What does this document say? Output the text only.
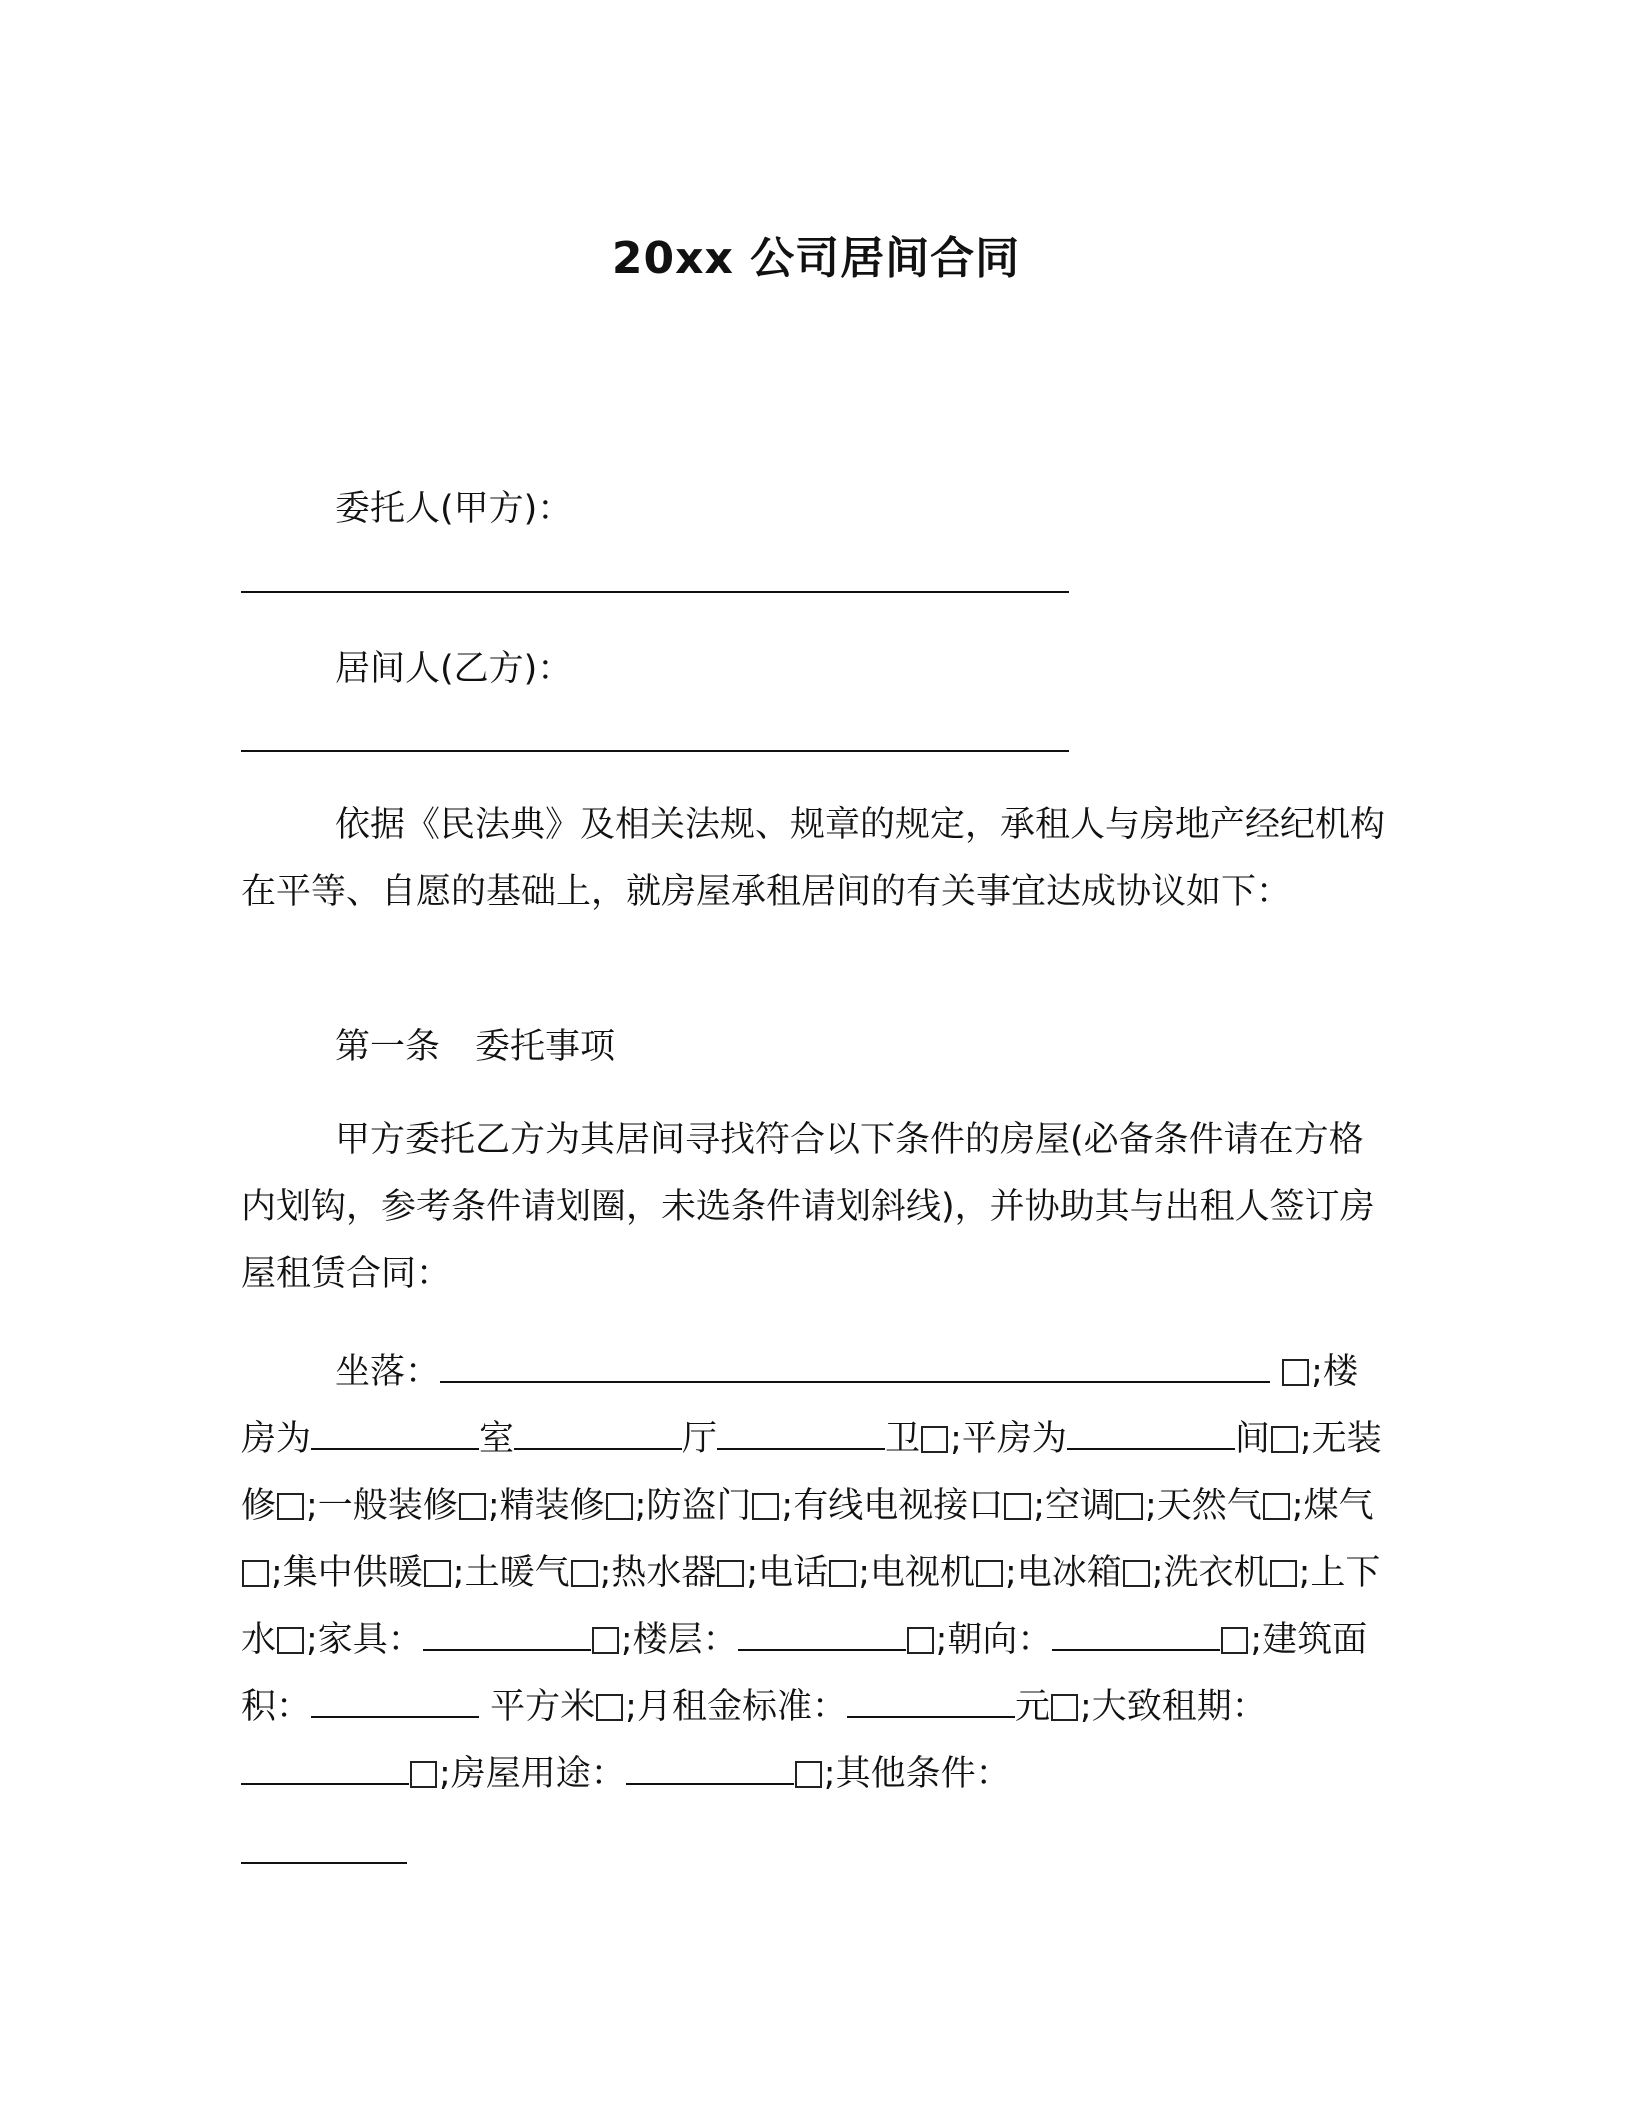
20xx 公司居间合同

委托人(甲方)：

居间人(乙方)：

依据《民法典》及相关法规、规章的规定，承租人与房地产经纪机构在平等、自愿的基础上，就房屋承租居间的有关事宜达成协议如下：

第一条　委托事项

甲方委托乙方为其居间寻找符合以下条件的房屋(必备条件请在方格内划钩，参考条件请划圈，未选条件请划斜线)，并协助其与出租人签订房屋租赁合同：

坐落：	;楼房为	室	厅	卫 ;平房为	间 ;无装修 ;一般装修 ;精装修 ;防盗门 ;有线电视接口 ;空调 ;天然气 ;煤气;集中供暖 ;土暖气 ;热水器 ;电话 ;电视机 ;电冰箱 ;洗衣机 ;上下水 ;家具：	;楼层：	;朝向：	;建筑面积：	平方米 ;月租金标准：	元 ;大致租期：;房屋用途：	;其他条件：
